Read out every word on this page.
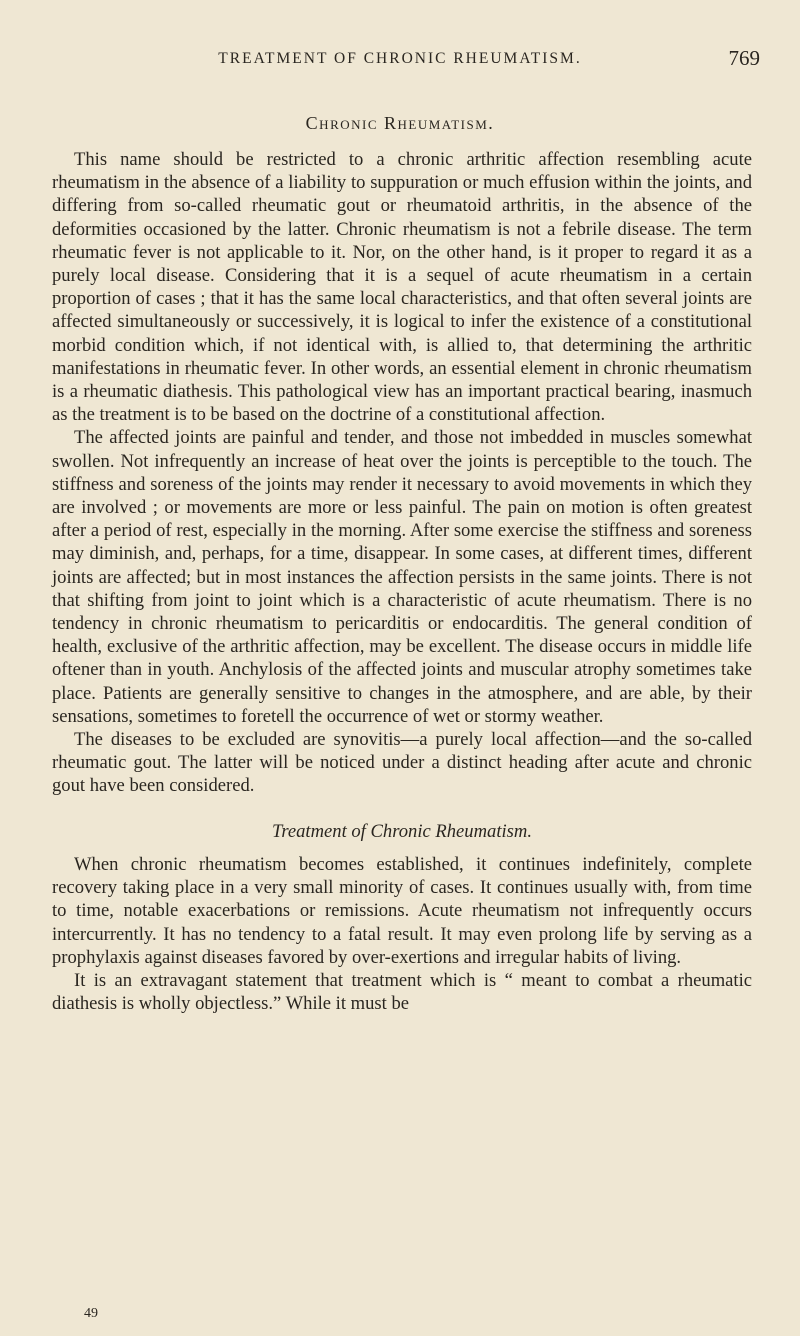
TREATMENT OF CHRONIC RHEUMATISM.	769
Chronic Rheumatism.

This name should be restricted to a chronic arthritic affection resembling acute rheumatism in the absence of a liability to suppuration or much effusion within the joints, and differing from so-called rheumatic gout or rheumatoid arthritis, in the absence of the deformities occasioned by the latter. Chronic rheumatism is not a febrile disease. The term rheumatic fever is not applicable to it. Nor, on the other hand, is it proper to regard it as a purely local disease. Considering that it is a sequel of acute rheumatism in a certain proportion of cases ; that it has the same local characteristics, and that often several joints are affected simultaneously or successively, it is logical to infer the existence of a constitutional morbid condition which, if not identical with, is allied to, that determining the arthritic manifestations in rheumatic fever. In other words, an essential element in chronic rheumatism is a rheumatic diathesis. This pathological view has an important practical bearing, inasmuch as the treatment is to be based on the doctrine of a constitutional affection.

The affected joints are painful and tender, and those not imbedded in muscles somewhat swollen. Not infrequently an increase of heat over the joints is perceptible to the touch. The stiffness and soreness of the joints may render it necessary to avoid movements in which they are involved ; or movements are more or less painful. The pain on motion is often greatest after a period of rest, especially in the morning. After some exercise the stiffness and soreness may diminish, and, perhaps, for a time, disappear. In some cases, at different times, different joints are affected; but in most instances the affection persists in the same joints. There is not that shifting from joint to joint which is a characteristic of acute rheumatism. There is no tendency in chronic rheumatism to pericarditis or endocarditis. The general condition of health, exclusive of the arthritic affection, may be excellent. The disease occurs in middle life oftener than in youth. Anchylosis of the affected joints and muscular atrophy sometimes take place. Patients are generally sensitive to changes in the atmosphere, and are able, by their sensations, sometimes to foretell the occurrence of wet or stormy weather.

The diseases to be excluded are synovitis—a purely local affection—and the so-called rheumatic gout. The latter will be noticed under a distinct heading after acute and chronic gout have been considered.

Treatment of Chronic Rheumatism.

When chronic rheumatism becomes established, it continues indefinitely, complete recovery taking place in a very small minority of cases. It continues usually with, from time to time, notable exacerbations or remissions. Acute rheumatism not infrequently occurs intercurrently. It has no tendency to a fatal result. It may even prolong life by serving as a prophylaxis against diseases favored by over-exertions and irregular habits of living.

It is an extravagant statement that treatment which is “ meant to combat a rheumatic diathesis is wholly objectless.” While it must be

49
